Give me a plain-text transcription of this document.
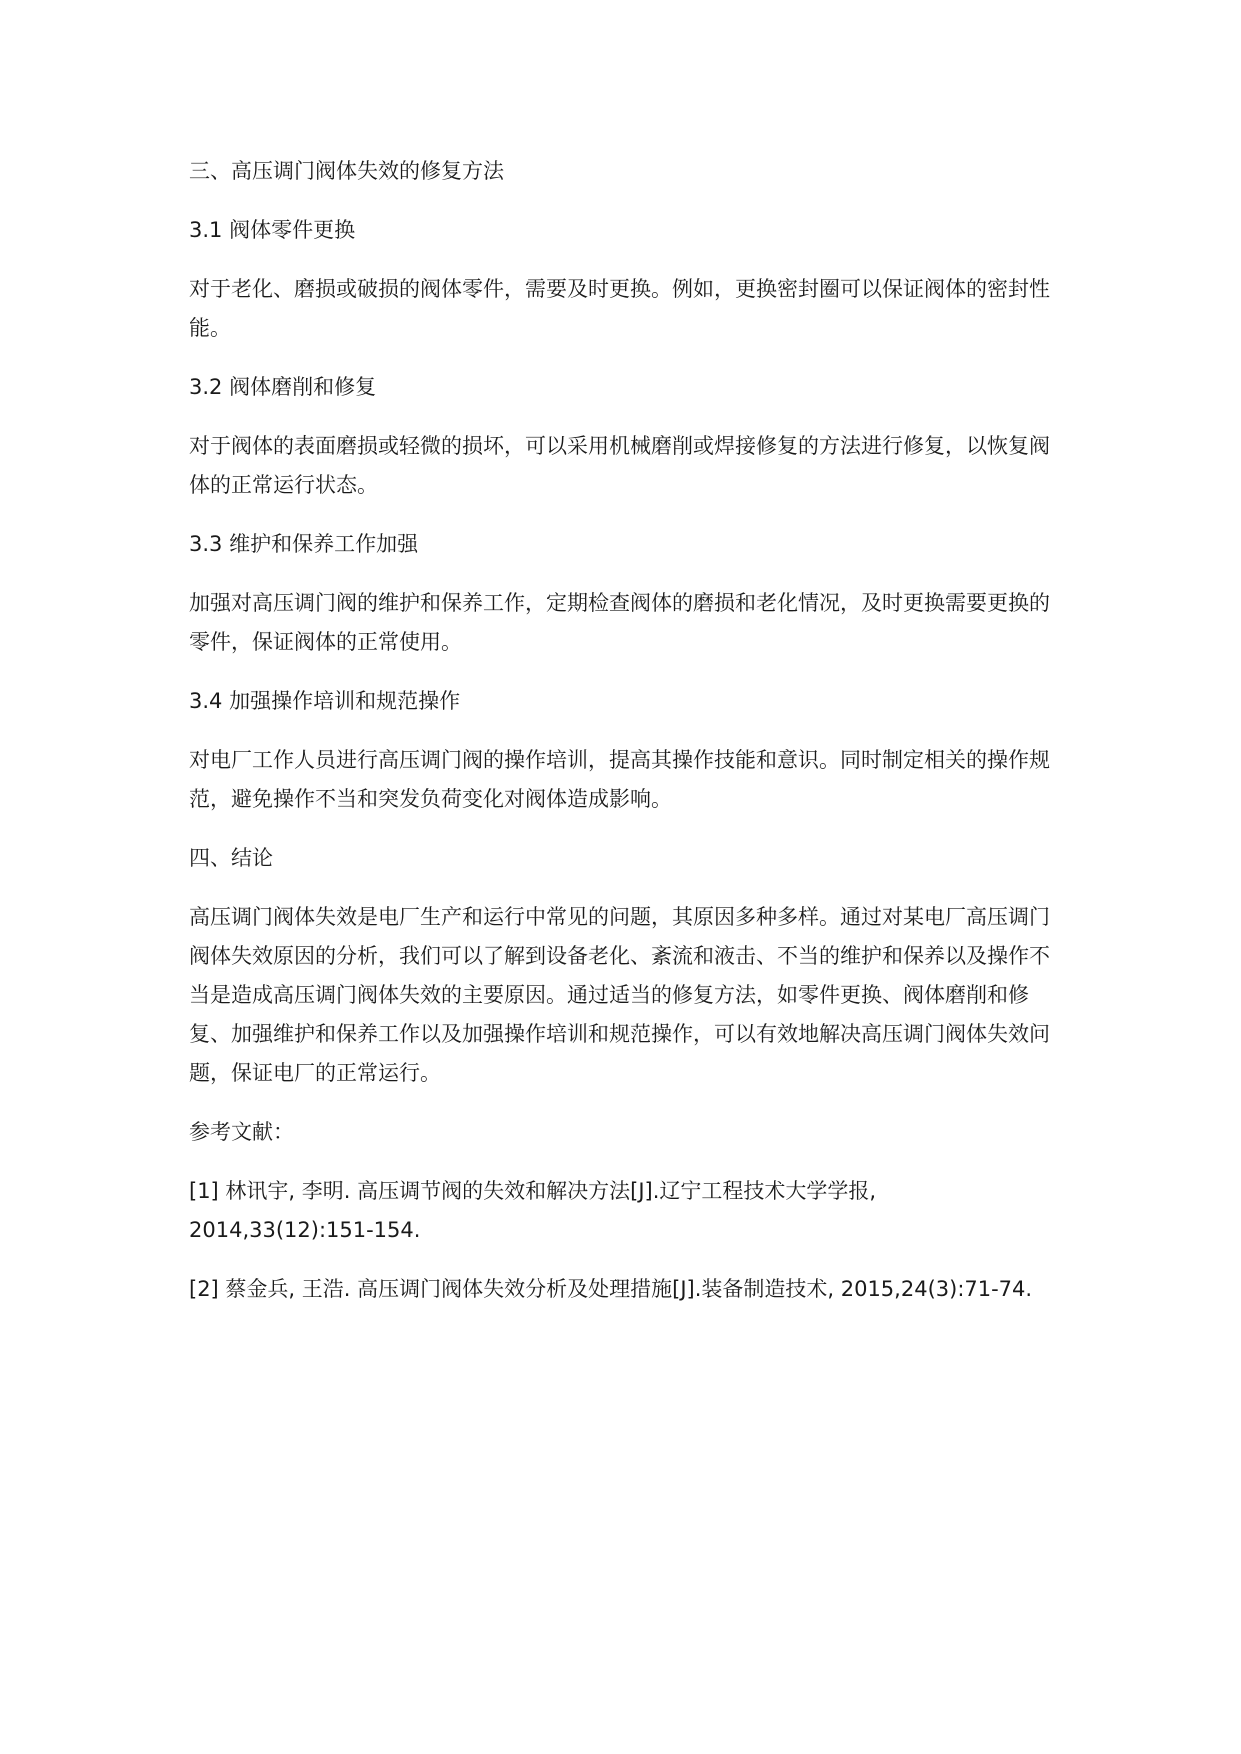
三、高压调门阀体失效的修复方法

3.1 阀体零件更换

对于老化、磨损或破损的阀体零件，需要及时更换。例如，更换密封圈可以保证阀体的密封性能。

3.2 阀体磨削和修复

对于阀体的表面磨损或轻微的损坏，可以采用机械磨削或焊接修复的方法进行修复，以恢复阀体的正常运行状态。

3.3 维护和保养工作加强

加强对高压调门阀的维护和保养工作，定期检查阀体的磨损和老化情况，及时更换需要更换的零件，保证阀体的正常使用。

3.4 加强操作培训和规范操作

对电厂工作人员进行高压调门阀的操作培训，提高其操作技能和意识。同时制定相关的操作规范，避免操作不当和突发负荷变化对阀体造成影响。

四、结论

高压调门阀体失效是电厂生产和运行中常见的问题，其原因多种多样。通过对某电厂高压调门阀体失效原因的分析，我们可以了解到设备老化、紊流和液击、不当的维护和保养以及操作不当是造成高压调门阀体失效的主要原因。通过适当的修复方法，如零件更换、阀体磨削和修复、加强维护和保养工作以及加强操作培训和规范操作，可以有效地解决高压调门阀体失效问题，保证电厂的正常运行。

参考文献：

[1] 林讯宇, 李明. 高压调节阀的失效和解决方法[J].辽宁工程技术大学学报, 2014,33(12):151-154.

[2] 蔡金兵, 王浩. 高压调门阀体失效分析及处理措施[J].装备制造技术, 2015,24(3):71-74.
